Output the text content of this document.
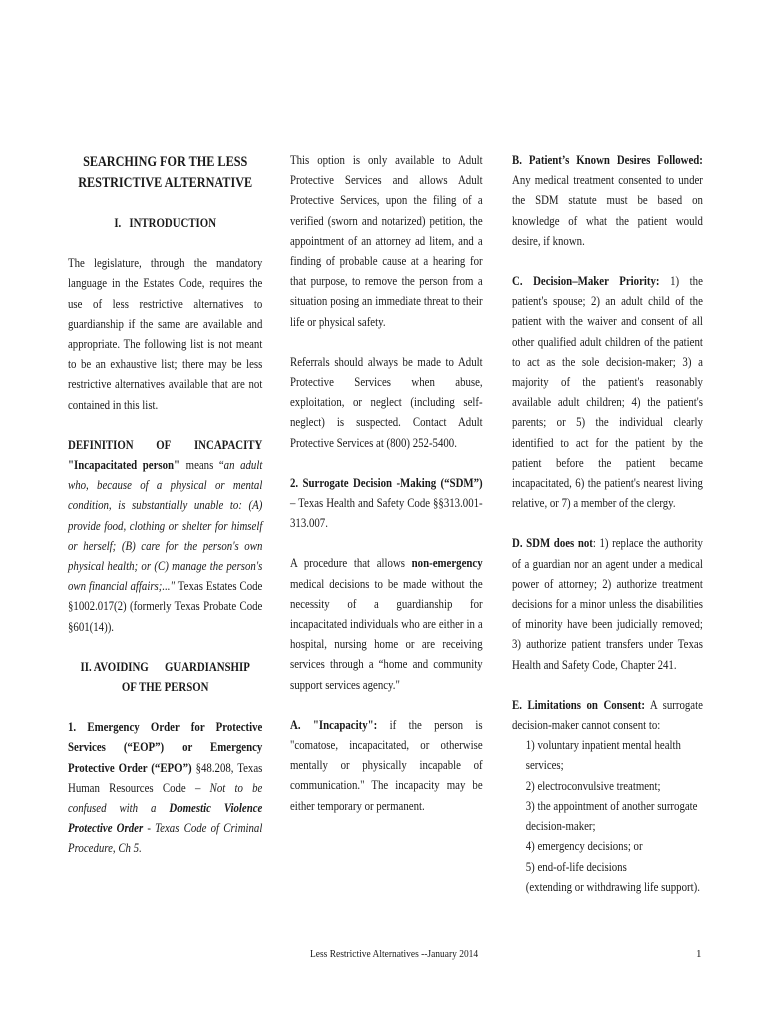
SEARCHING FOR THE LESS
RESTRICTIVE ALTERNATIVE
I.   INTRODUCTION

The legislature, through the mandatory language in the Estates Code, requires the use of less restrictive alternatives to guardianship if the same are available and appropriate. The following list is not meant to be an exhaustive list; there may be less restrictive alternatives available that are not contained in this list.

DEFINITION OF INCAPACITY

"Incapacitated person" means “an adult who, because of a physical or mental condition, is substantially unable to: (A) provide food, clothing or shelter for himself or herself; (B) care for the person's own physical health; or (C) manage the person's own financial affairs;..." Texas Estates Code §1002.017(2) (formerly Texas Probate Code §601(14)).

II. AVOIDING      GUARDIANSHIP
OF THE PERSON

1. Emergency Order for Protective Services (“EOP”) or Emergency Protective Order (“EPO”) §48.208, Texas Human Resources Code – Not to be confused with a Domestic Violence Protective Order - Texas Code of Criminal Procedure, Ch 5.

This option is only available to Adult Protective Services and allows Adult Protective Services, upon the filing of a verified (sworn and notarized) petition, the appointment of an attorney ad litem, and a finding of probable cause at a hearing for that purpose, to remove the person from a situation posing an immediate threat to their life or physical safety.

Referrals should always be made to Adult Protective Services when abuse, exploitation, or neglect (including self-neglect) is suspected. Contact Adult Protective Services at (800) 252-5400.

2. Surrogate Decision -Making (“SDM”) – Texas Health and Safety Code §§313.001-313.007.

A procedure that allows non-emergency medical decisions to be made without the necessity of a guardianship for incapacitated individuals who are either in a hospital, nursing home or are receiving services through a “home and community support services agency."

A. "Incapacity": if the person is "comatose, incapacitated, or otherwise mentally or physically incapable of communication." The incapacity may be either temporary or permanent.

B. Patient’s Known Desires Followed: Any medical treatment consented to under the SDM statute must be based on knowledge of what the patient would desire, if known.

C. Decision–Maker Priority: 1) the patient's spouse; 2) an adult child of the patient with the waiver and consent of all other qualified adult children of the patient to act as the sole decision-maker; 3) a majority of the patient's reasonably available adult children; 4) the patient's parents; or 5) the individual clearly identified to act for the patient by the patient before the patient became incapacitated, 6) the patient's nearest living relative, or 7) a member of the clergy.

D. SDM does not: 1) replace the authority of a guardian nor an agent under a medical power of attorney; 2) authorize treatment decisions for a minor unless the disabilities of minority have been judicially removed; 3) authorize patient transfers under Texas Health and Safety Code, Chapter 241.

E. Limitations on Consent: A surrogate decision-maker cannot consent to:

1) voluntary inpatient mental health services;
2) electroconvulsive treatment;
3) the appointment of another surrogate decision-maker;
4) emergency decisions; or
5) end-of-life decisions
(extending or withdrawing life support).
Less Restrictive Alternatives --January 2014	1
